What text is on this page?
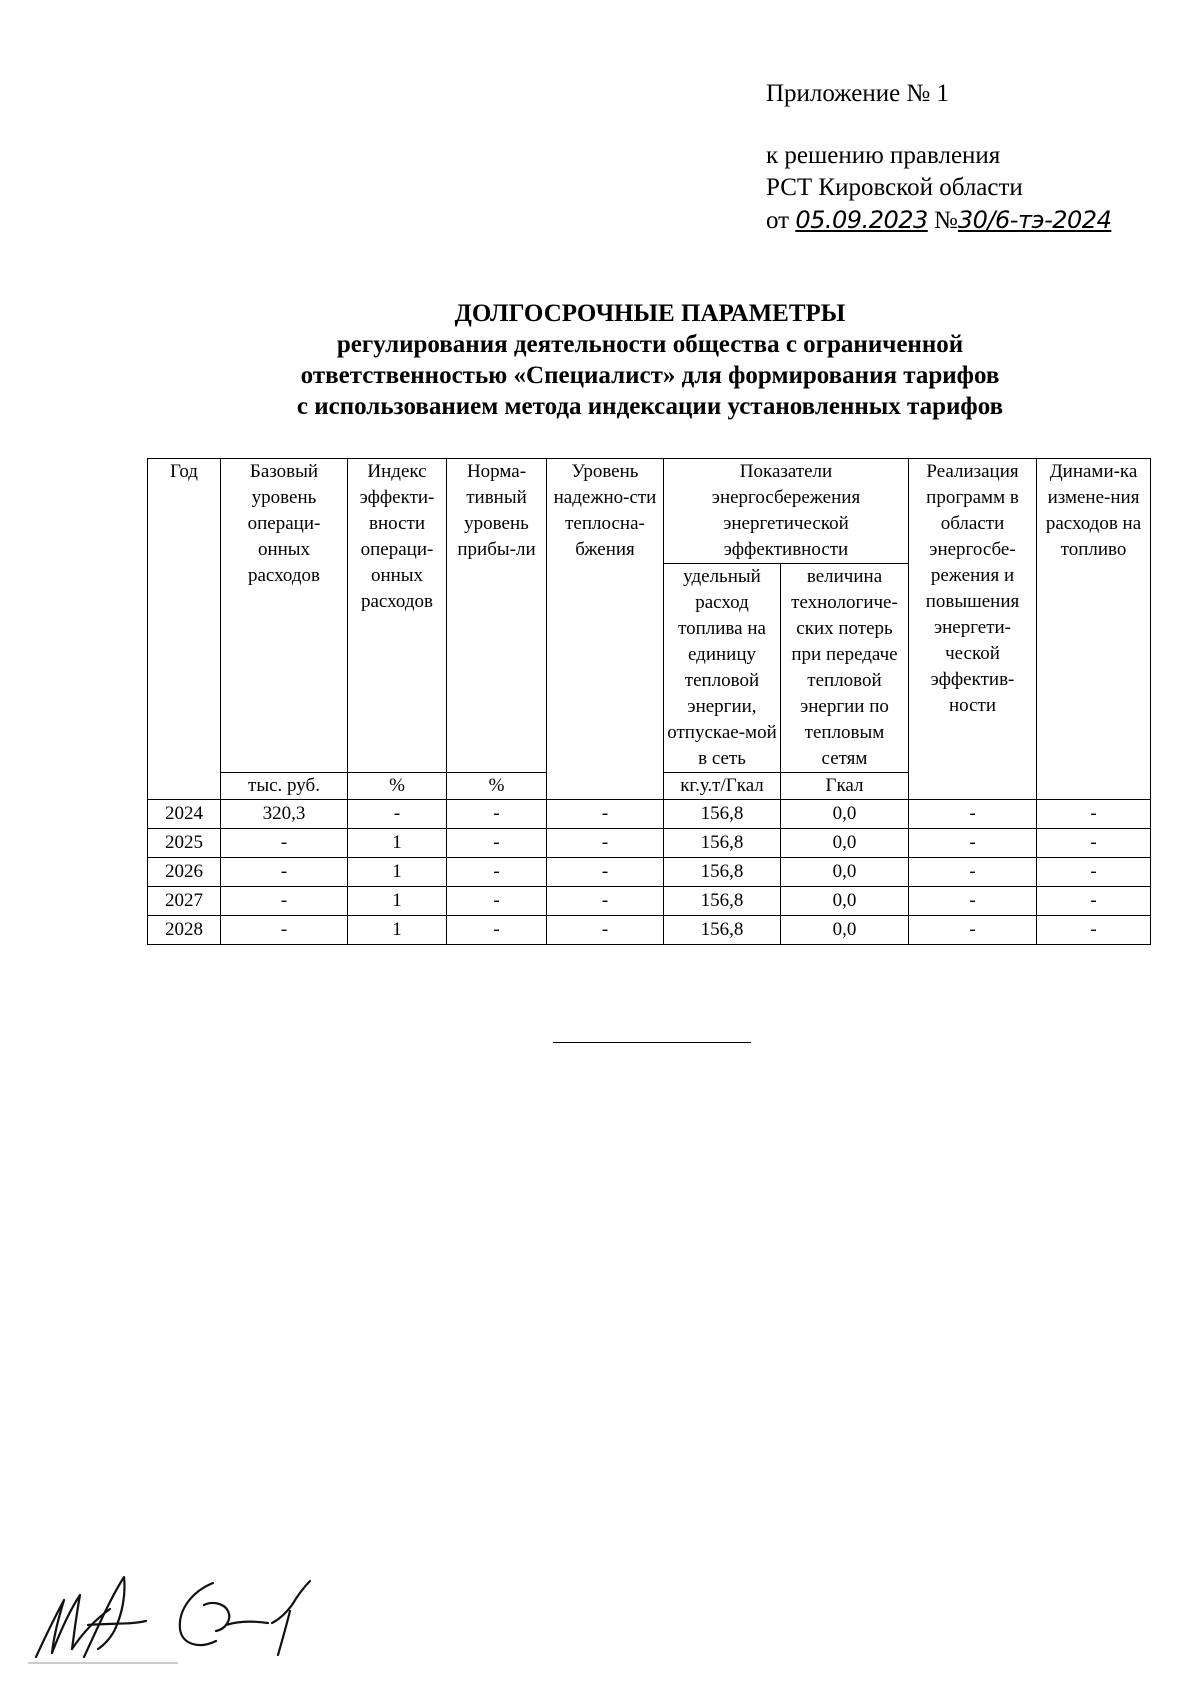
Приложение № 1
к решению правления
РСТ Кировской области
от 05.09.2023 №30/6-тэ-2024
ДОЛГОСРОЧНЫЕ ПАРАМЕТРЫ
регулирования деятельности общества с ограниченной
ответственностью «Специалист» для формирования тарифов
с использованием метода индексации установленных тарифов
Год	Базовый уровень операци-онных расходов	Индекс эффекти-вности операци-онных расходов	Норма-тивный уровень прибы-ли	Уровень надежно-сти теплосна-бжения	Показатели энергосбережения энергетической эффективности		Реализация программ в области энергосбе-режения и повышения энергети-ческой эффектив-ности	Динами-ка измене-ния расходов на топливо
					удельный расход топлива на единицу тепловой энергии, отпускае-мой в сеть	величина технологиче-ских потерь при передаче тепловой энергии по тепловым сетям		
	тыс. руб.	%	%		кг.у.т/Гкал	Гкал		
2024	320,3	-	-	-	156,8	0,0	-	-
2025	-	1	-	-	156,8	0,0	-	-
2026	-	1	-	-	156,8	0,0	-	-
2027	-	1	-	-	156,8	0,0	-	-
2028	-	1	-	-	156,8	0,0	-	-
